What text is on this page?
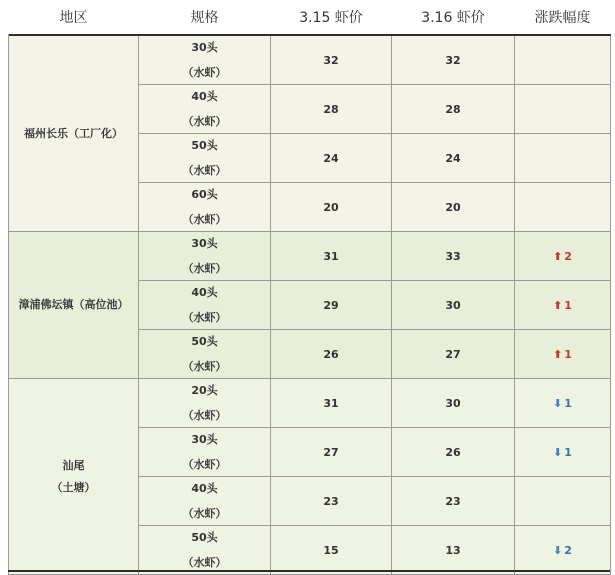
地区	规格	3.15 虾价	3.16 虾价	涨跌幅度

福州长乐（工厂化）	30头
（水虾）	32	32	

	40头
（水虾）	28	28	

	50头
（水虾）	24	24	

	60头
（水虾）	20	20	

漳浦佛坛镇（高位池）	30头
（水虾）	31	33	⬆ 2

	40头
（水虾）	29	30	⬆ 1

	50头
（水虾）	26	27	⬆ 1

汕尾
（土塘）	20头
（水虾）	31	30	⬇ 1

	30头
（水虾）	27	26	⬇ 1

	40头
（水虾）	23	23	

	50头
（水虾）	15	13	⬇ 2
